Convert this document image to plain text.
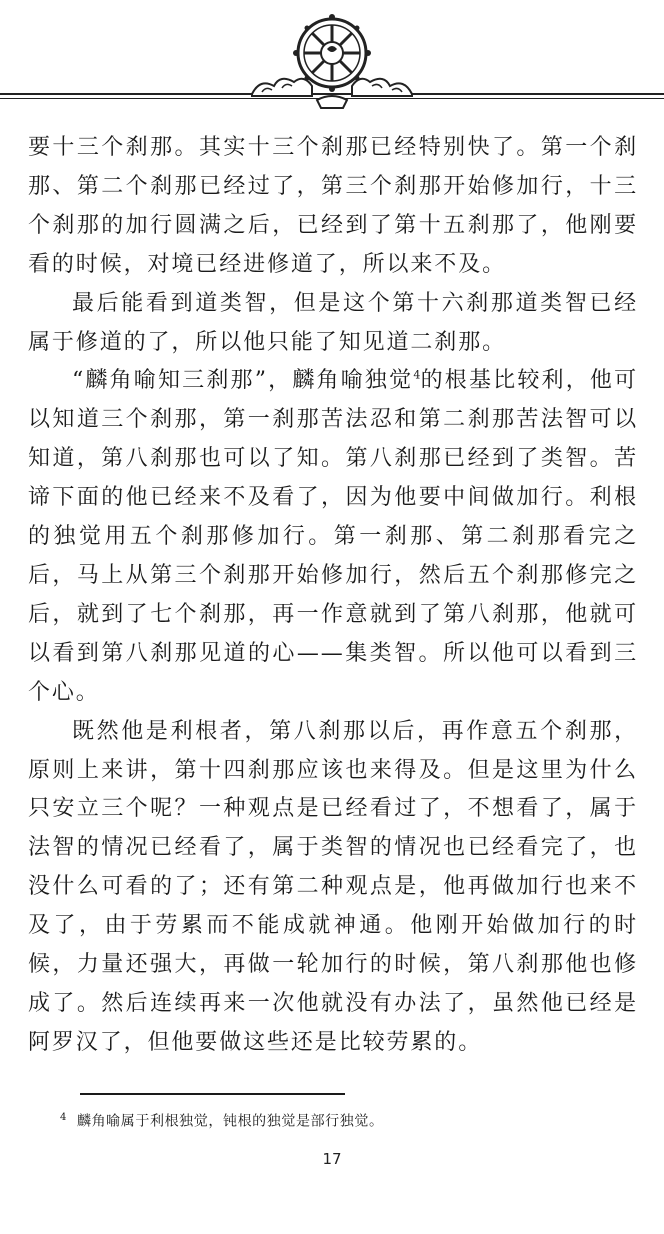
要十三个刹那。其实十三个刹那已经特别快了。第一个刹那、第二个刹那已经过了，第三个刹那开始修加行，十三个刹那的加行圆满之后，已经到了第十五刹那了，他刚要看的时候，对境已经进修道了，所以来不及。

最后能看到道类智，但是这个第十六刹那道类智已经属于修道的了，所以他只能了知见道二刹那。

“麟角喻知三刹那”，麟角喻独觉$^4$的根基比较利，他可以知道三个刹那，第一刹那苦法忍和第二刹那苦法智可以知道，第八刹那也可以了知。第八刹那已经到了类智。苦谛下面的他已经来不及看了，因为他要中间做加行。利根的独觉用五个刹那修加行。第一刹那、第二刹那看完之后，马上从第三个刹那开始修加行，然后五个刹那修完之后，就到了七个刹那，再一作意就到了第八刹那，他就可以看到第八刹那见道的心——集类智。所以他可以看到三个心。

既然他是利根者，第八刹那以后，再作意五个刹那，原则上来讲，第十四刹那应该也来得及。但是这里为什么只安立三个呢？一种观点是已经看过了，不想看了，属于法智的情况已经看了，属于类智的情况也已经看完了，也没什么可看的了；还有第二种观点是，他再做加行也来不及了，由于劳累而不能成就神通。他刚开始做加行的时候，力量还强大，再做一轮加行的时候，第八刹那他也修成了。然后连续再来一次他就没有办法了，虽然他已经是阿罗汉了，但他要做这些还是比较劳累的。

$^4$ 麟角喻属于利根独觉，钝根的独觉是部行独觉。
17
